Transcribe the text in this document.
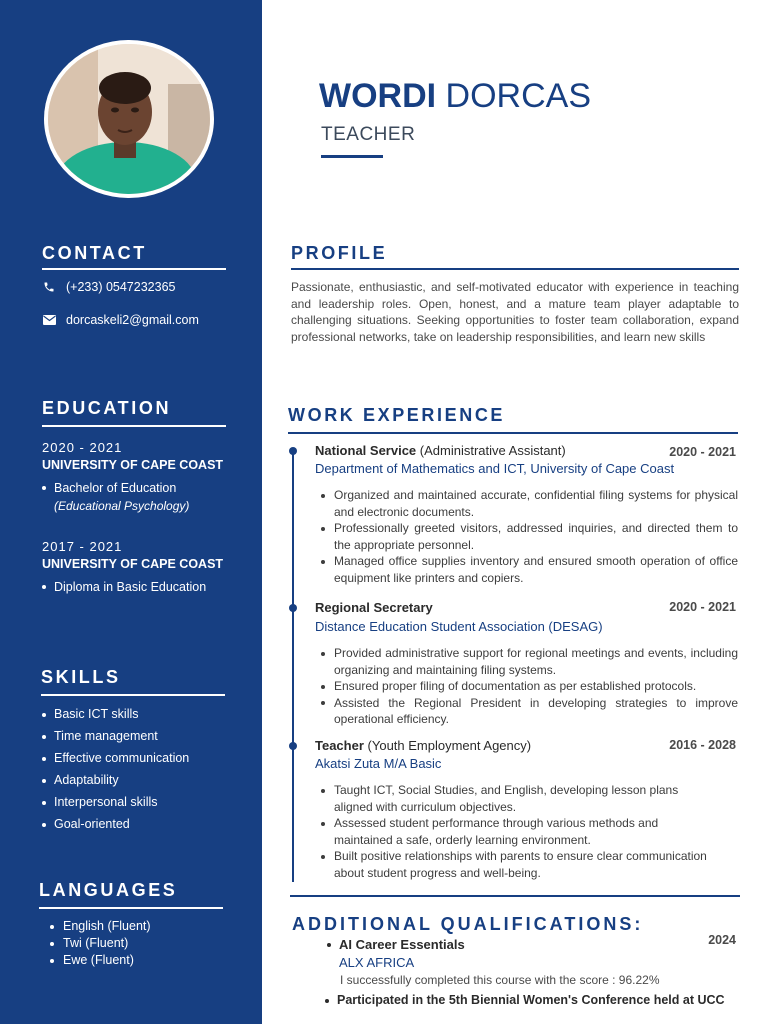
CONTACT
(+233) 0547232365
dorcaskeli2@gmail.com
EDUCATION
2020 - 2021
UNIVERSITY OF CAPE COAST
Bachelor of Education
(Educational Psychology)
2017 - 2021
UNIVERSITY OF CAPE COAST
Diploma in Basic Education
SKILLS
Basic ICT skills
Time management
Effective communication
Adaptability
Interpersonal skills
Goal-oriented
LANGUAGES
English (Fluent)
Twi (Fluent)
Ewe (Fluent)
WORDI DORCAS
TEACHER
PROFILE

Passionate, enthusiastic, and self-motivated educator with experience in teaching and leadership roles. Open, honest, and a mature team player adaptable to challenging situations. Seeking opportunities to foster team collaboration, expand professional networks, take on leadership responsibilities, and learn new skills

WORK EXPERIENCE
National Service (Administrative Assistant)	2020 - 2021
Department of Mathematics and ICT, University of Cape Coast
Organized and maintained accurate, confidential filing systems for physical and electronic documents.
Professionally greeted visitors, addressed inquiries, and directed them to the appropriate personnel.
Managed office supplies inventory and ensured smooth operation of office equipment like printers and copiers.
Regional Secretary	2020 - 2021
Distance Education Student Association (DESAG)
Provided administrative support for regional meetings and events, including organizing and maintaining filing systems.
Ensured proper filing of documentation as per established protocols.
Assisted the Regional President in developing strategies to improve operational efficiency.
Teacher (Youth Employment Agency)	2016 - 2028
Akatsi Zuta M/A Basic
Taught ICT, Social Studies, and English, developing lesson plans aligned with curriculum objectives.
Assessed student performance through various methods and maintained a safe, orderly learning environment.
Built positive relationships with parents to ensure clear communication about student progress and well-being.
ADDITIONAL QUALIFICATIONS:
AI Career Essentials	2024
ALX AFRICA
I successfully completed this course with the score : 96.22%
Participated in the 5th Biennial Women's Conference held at UCC
